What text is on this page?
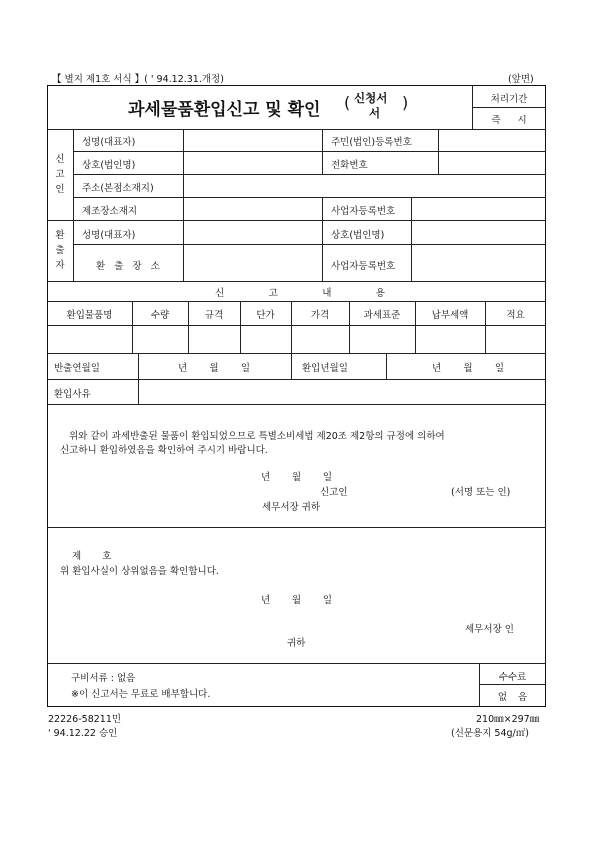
【 별지 제1호 서식 】( ' 94.12.31.개정)	(앞면)
과세물품환입신고 및 확인 ( 신청서
서
)	처리기간
즉 시
신
고
인
성명(대표자)	주민(법인)등록번호
상호(법인명)	전화번호
주소(본점소재지)
제조장소재지	사업자등록번호
환
출
자
성명(대표자)	상호(법인명)
환 출 장 소	사업자등록번호
신	고	내	용
환입물품명	수량	규격	단가	가격	과세표준	납부세액	적요
반출연월일	년 월 일	환입년월일	년 월 일
환입사유
위와 같이 과세반출된 물품이 환입되었으므로 특별소비세법 제20조 제2항의 규정에 의하여
신고하니 환입하였음을 확인하여 주시기 바랍니다.
년 월 일
신고인	(서명 또는 인)
세무서장 귀하
제 호
위 환입사실이 상위없음을 확인합니다.
년 월 일
세무서장 인
귀하
구비서류 : 없음
※이 신고서는 무료로 배부합니다.
수수료
없 음
22226-58211민	210㎜×297㎜
' 94.12.22 승인	(신문용지 54g/㎡)
